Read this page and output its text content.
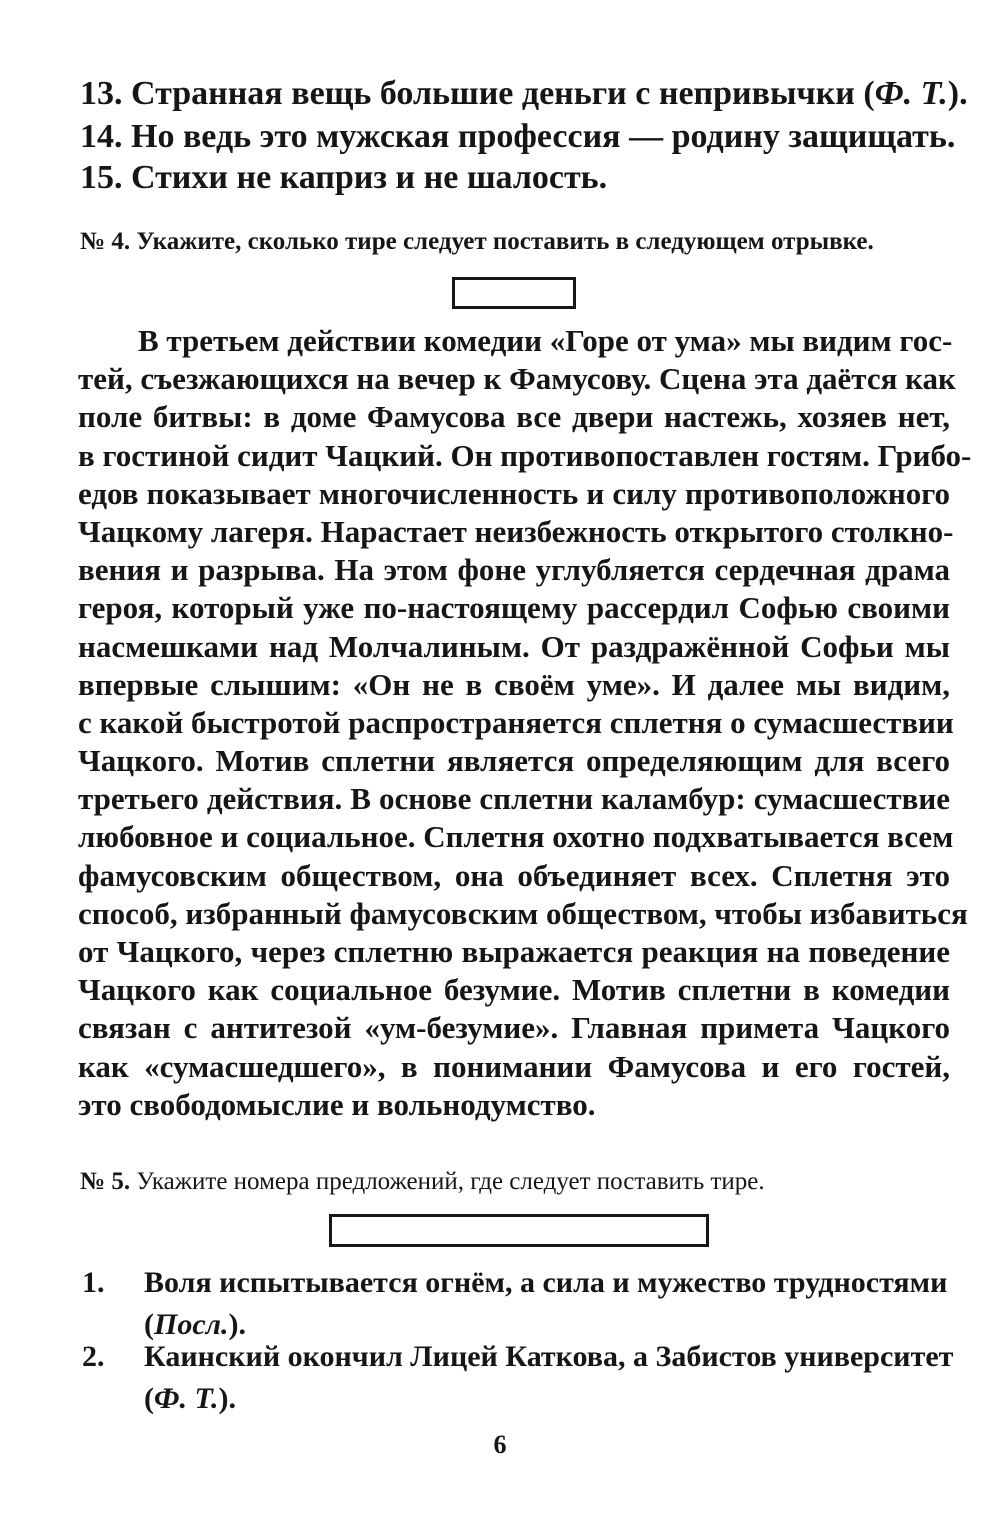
13. Странная вещь большие деньги с непривычки (Ф. Т.).
14. Но ведь это мужская профессия — родину защищать.
15. Стихи не каприз и не шалость.
№ 4. Укажите, сколько тире следует поставить в следующем отрывке.
В третьем действии комедии «Горе от ума» мы видим гос-
тей, съезжающихся на вечер к Фамусову. Сцена эта даётся как
поле битвы: в доме Фамусова все двери настежь, хозяев нет,
в гостиной сидит Чацкий. Он противопоставлен гостям. Грибо-
едов показывает многочисленность и силу противоположного
Чацкому лагеря. Нарастает неизбежность открытого столкно-
вения и разрыва. На этом фоне углубляется сердечная драма
героя, который уже по-настоящему рассердил Софью своими
насмешками над Молчалиным. От раздражённой Софьи мы
впервые слышим: «Он не в своём уме». И далее мы видим,
с какой быстротой распространяется сплетня о сумасшествии
Чацкого. Мотив сплетни является определяющим для всего
третьего действия. В основе сплетни каламбур: сумасшествие
любовное и социальное. Сплетня охотно подхватывается всем
фамусовским обществом, она объединяет всех. Сплетня это
способ, избранный фамусовским обществом, чтобы избавиться
от Чацкого, через сплетню выражается реакция на поведение
Чацкого как социальное безумие. Мотив сплетни в комедии
связан с антитезой «ум-безумие». Главная примета Чацкого
как «сумасшедшего», в понимании Фамусова и его гостей,
это свободомыслие и вольнодумство.
№ 5. Укажите номера предложений, где следует поставить тире.
1. Воля испытывается огнём, а сила и мужество трудностями
(Посл.).
2. Каинский окончил Лицей Каткова, а Забистов университет
(Ф. Т.).
6
